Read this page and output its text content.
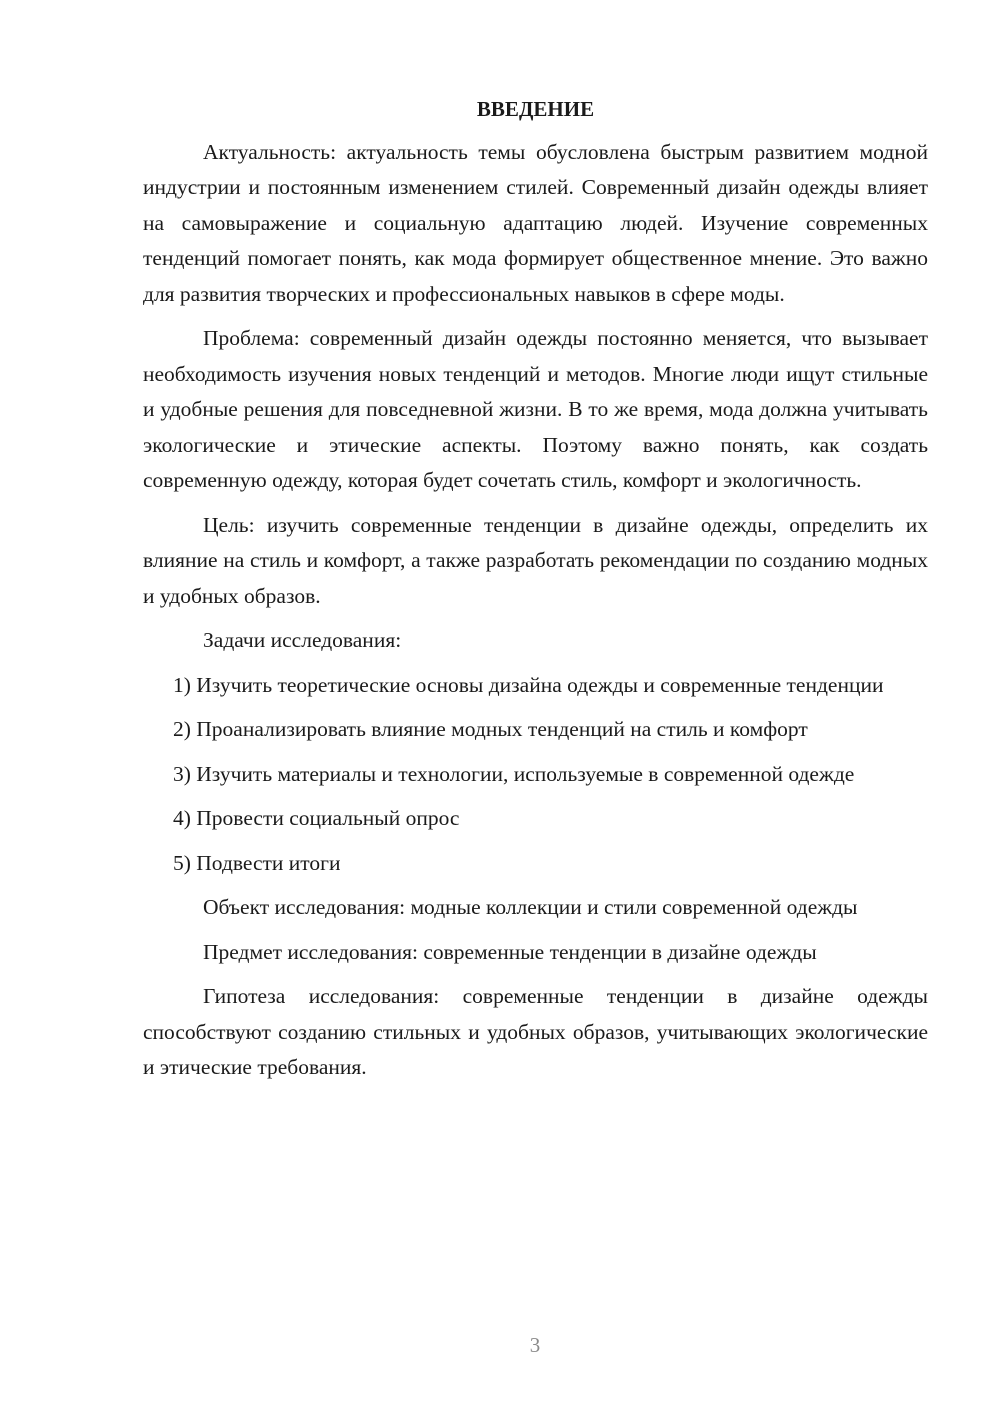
ВВЕДЕНИЕ

Актуальность: актуальность темы обусловлена быстрым развитием модной индустрии и постоянным изменением стилей. Современный дизайн одежды влияет на самовыражение и социальную адаптацию людей. Изучение современных тенденций помогает понять, как мода формирует общественное мнение. Это важно для развития творческих и профессиональных навыков в сфере моды.

Проблема: современный дизайн одежды постоянно меняется, что вызывает необходимость изучения новых тенденций и методов. Многие люди ищут стильные и удобные решения для повседневной жизни. В то же время, мода должна учитывать экологические и этические аспекты. Поэтому важно понять, как создать современную одежду, которая будет сочетать стиль, комфорт и экологичность.

Цель: изучить современные тенденции в дизайне одежды, определить их влияние на стиль и комфорт, а также разработать рекомендации по созданию модных и удобных образов.

Задачи исследования:

1) Изучить теоретические основы дизайна одежды и современные тенденции

2) Проанализировать влияние модных тенденций на стиль и комфорт

3) Изучить материалы и технологии, используемые в современной одежде

4) Провести социальный опрос

5) Подвести итоги

Объект исследования: модные коллекции и стили современной одежды

Предмет исследования: современные тенденции в дизайне одежды

Гипотеза исследования: современные тенденции в дизайне одежды способствуют созданию стильных и удобных образов, учитывающих экологические и этические требования.

3
